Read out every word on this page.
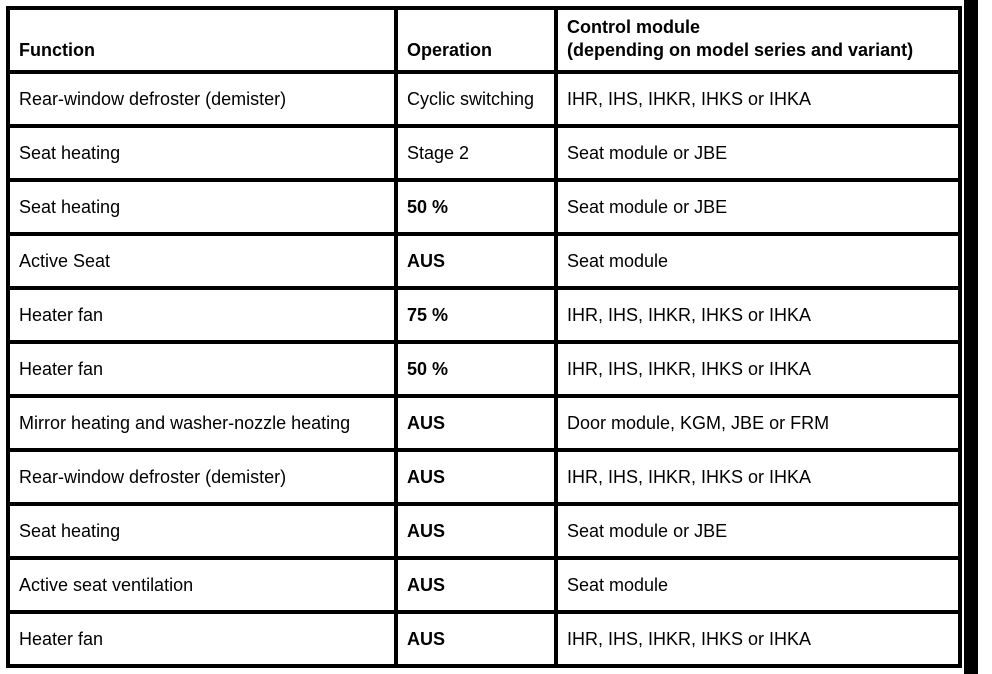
Function	Operation	Control module
(depending on model series and variant)

Rear-window defroster (demister)	Cyclic switching	IHR, IHS, IHKR, IHKS or IHKA
Seat heating	Stage 2	Seat module or JBE
Seat heating	50 %	Seat module or JBE
Active Seat	AUS	Seat module
Heater fan	75 %	IHR, IHS, IHKR, IHKS or IHKA
Heater fan	50 %	IHR, IHS, IHKR, IHKS or IHKA
Mirror heating and washer-nozzle heating	AUS	Door module, KGM, JBE or FRM
Rear-window defroster (demister)	AUS	IHR, IHS, IHKR, IHKS or IHKA
Seat heating	AUS	Seat module or JBE
Active seat ventilation	AUS	Seat module
Heater fan	AUS	IHR, IHS, IHKR, IHKS or IHKA
